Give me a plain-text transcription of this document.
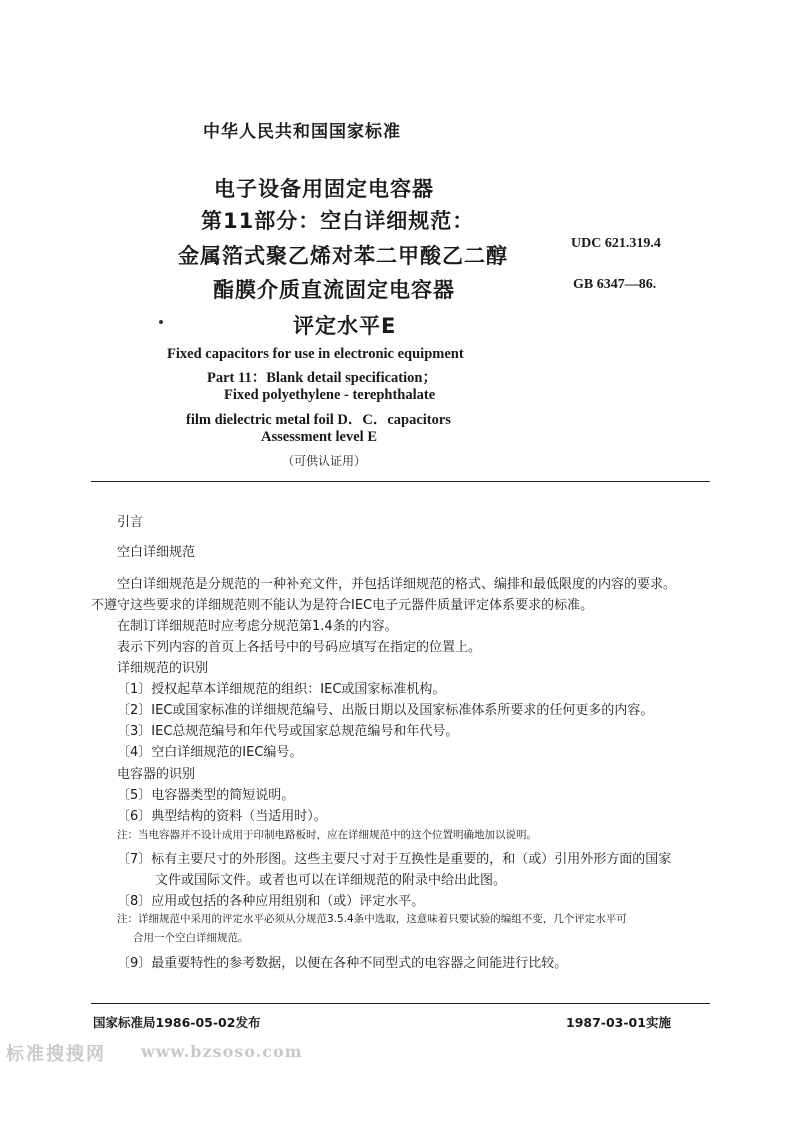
中华人民共和国国家标准
电子设备用固定电容器
第11部分：空白详细规范：
金属箔式聚乙烯对苯二甲酸乙二醇
酯膜介质直流固定电容器
评定水平E
UDC 621.319.4
GB 6347—86.
Fixed capacitors for use in electronic equipment
Part 11：Blank detail specification；
Fixed polyethylene - terephthalate
film dielectric metal foil D．C．capacitors
Assessment level E
（可供认证用）
引言
空白详细规范
空白详细规范是分规范的一种补充文件，并包括详细规范的格式、编排和最低限度的内容的要求。
不遵守这些要求的详细规范则不能认为是符合IEC电子元器件质量评定体系要求的标准。
在制订详细规范时应考虑分规范第1.4条的内容。
表示下列内容的首页上各括号中的号码应填写在指定的位置上。
详细规范的识别
〔1〕授权起草本详细规范的组织：IEC或国家标准机构。
〔2〕IEC或国家标准的详细规范编号、出版日期以及国家标准体系所要求的任何更多的内容。
〔3〕IEC总规范编号和年代号或国家总规范编号和年代号。
〔4〕空白详细规范的IEC编号。
电容器的识别
〔5〕电容器类型的简短说明。
〔6〕典型结构的资料（当适用时）。
注：当电容器并不设计成用于印制电路板时，应在详细规范中的这个位置明确地加以说明。
〔7〕标有主要尺寸的外形图。这些主要尺寸对于互换性是重要的，和（或）引用外形方面的国家
文件或国际文件。或者也可以在详细规范的附录中给出此图。
〔8〕应用或包括的各种应用组别和（或）评定水平。
注：详细规范中采用的评定水平必须从分规范3.5.4条中选取，这意味着只要试验的编组不变，几个评定水平可
合用一个空白详细规范。
〔9〕最重要特性的参考数据，以便在各种不同型式的电容器之间能进行比较。
国家标准局1986-05-02发布	1987-03-01实施
标准搜搜网 www.bzsoso.com
